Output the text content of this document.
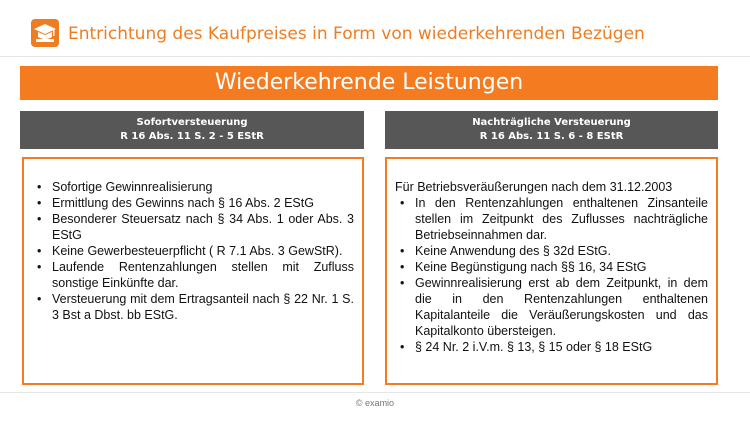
Entrichtung des Kaufpreises in Form von wiederkehrenden Bezügen
Wiederkehrende Leistungen
Sofortversteuerung
R 16 Abs. 11 S. 2 - 5 EStR
Nachträgliche Versteuerung
R 16 Abs. 11 S. 6 - 8 EStR
• Sofortige Gewinnrealisierung
• Ermittlung des Gewinns nach § 16 Abs. 2 EStG
• Besonderer Steuersatz nach § 34 Abs. 1 oder Abs. 3 EStG
• Keine Gewerbesteuerpflicht ( R 7.1 Abs. 3 GewStR).
• Laufende Rentenzahlungen stellen mit Zufluss sonstige Einkünfte dar.
• Versteuerung mit dem Ertragsanteil nach § 22 Nr. 1 S. 3 Bst a Dbst. bb EStG.
Für Betriebsveräußerungen nach dem 31.12.2003
• In den Rentenzahlungen enthaltenen Zinsanteile stellen im Zeitpunkt des Zuflusses nachträgliche Betriebseinnahmen dar.
• Keine Anwendung des § 32d EStG.
• Keine Begünstigung nach §§ 16, 34 EStG
• Gewinnrealisierung erst ab dem Zeitpunkt, in dem die in den Rentenzahlungen enthaltenen Kapitalanteile die Veräußerungskosten und das Kapitalkonto übersteigen.
• § 24 Nr. 2 i.V.m. § 13, § 15 oder § 18 EStG
© examio
